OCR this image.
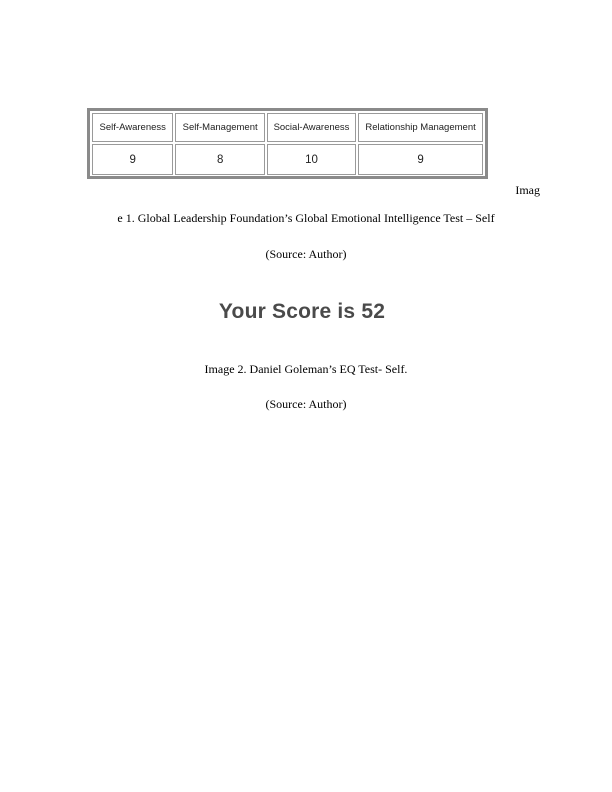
Self-Awareness	Self-Management	Social-Awareness	Relationship Management
9	8	10	9
Imag
e 1. Global Leadership Foundation’s Global Emotional Intelligence Test – Self
(Source: Author)
Your Score is 52
Image 2. Daniel Goleman’s EQ Test- Self.
(Source: Author)
